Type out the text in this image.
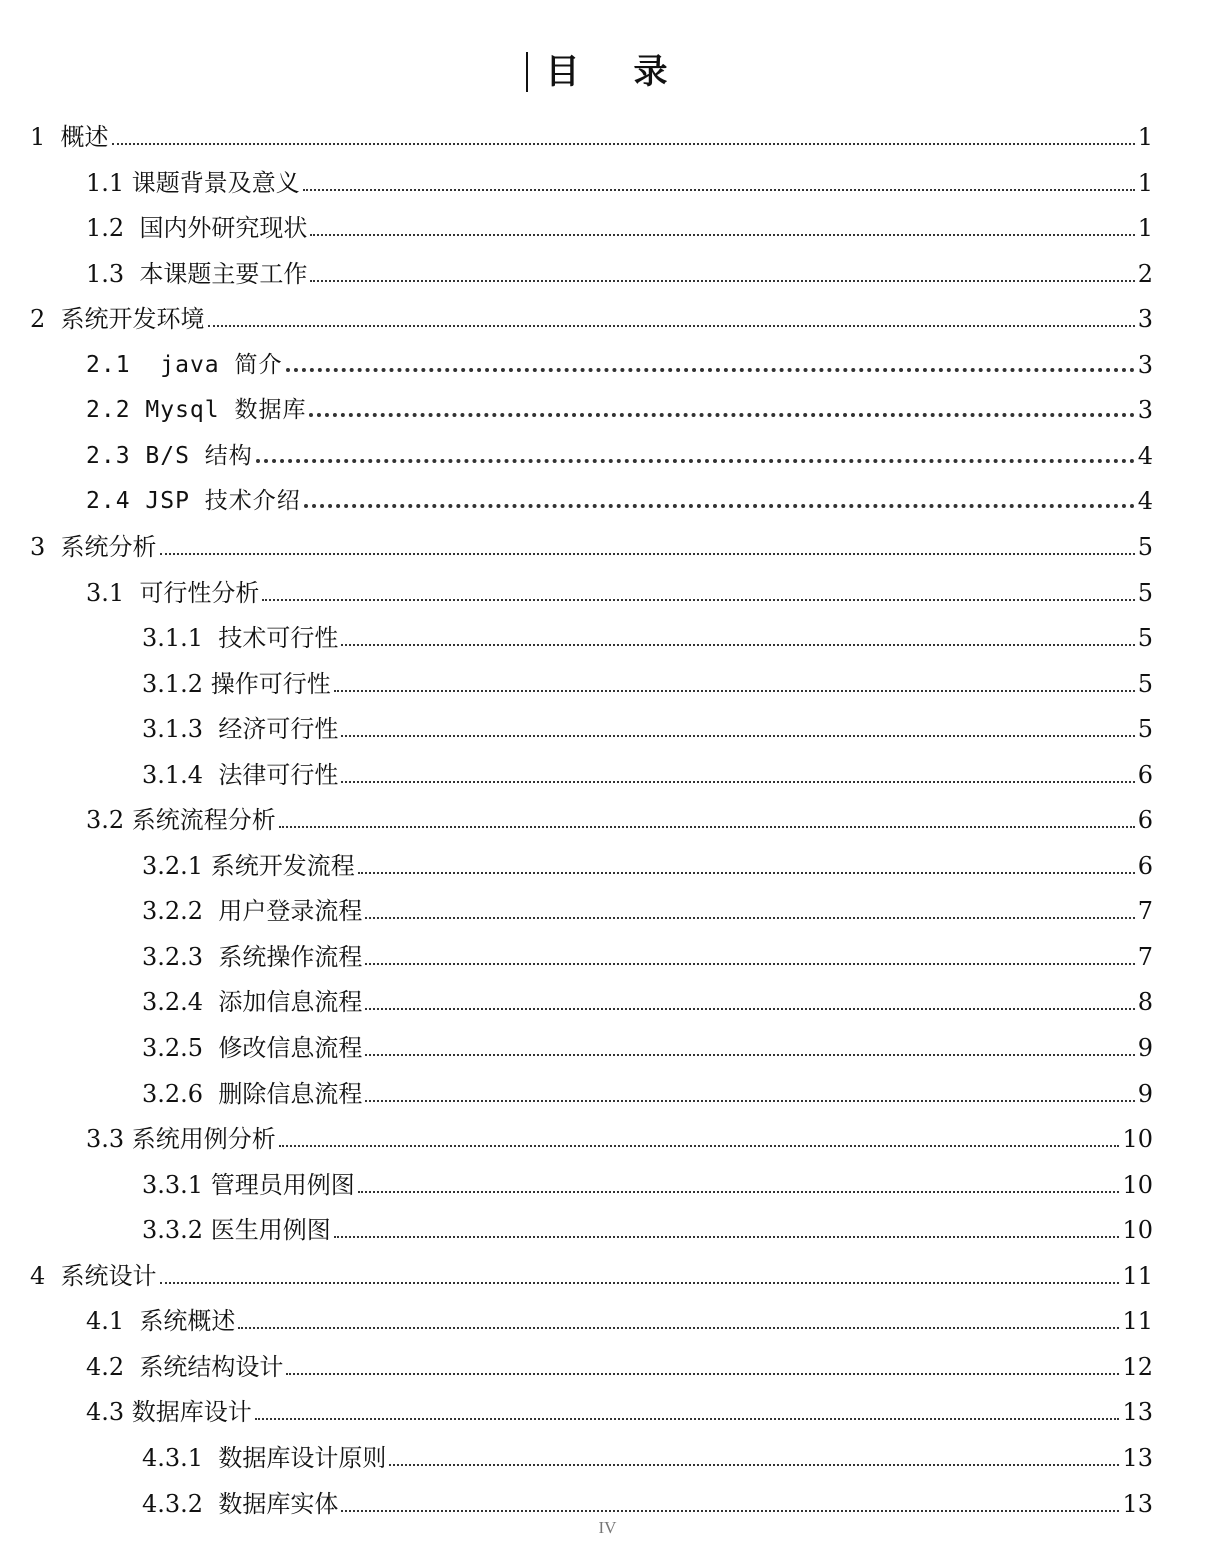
目 录
1 概述	1
1.1 课题背景及意义	1
1.2 国内外研究现状	1
1.3 本课题主要工作	2
2 系统开发环境	3
2.1 java 简介	3
2.2 Mysql 数据库	3
2.3 B/S 结构	4
2.4 JSP 技术介绍	4
3 系统分析	5
3.1 可行性分析	5
3.1.1 技术可行性	5
3.1.2 操作可行性	5
3.1.3 经济可行性	5
3.1.4 法律可行性	6
3.2 系统流程分析	6
3.2.1 系统开发流程	6
3.2.2 用户登录流程	7
3.2.3 系统操作流程	7
3.2.4 添加信息流程	8
3.2.5 修改信息流程	9
3.2.6 删除信息流程	9
3.3 系统用例分析	10
3.3.1 管理员用例图	10
3.3.2 医生用例图	10
4 系统设计	11
4.1 系统概述	11
4.2 系统结构设计	12
4.3 数据库设计	13
4.3.1 数据库设计原则	13
4.3.2 数据库实体	13
IV
